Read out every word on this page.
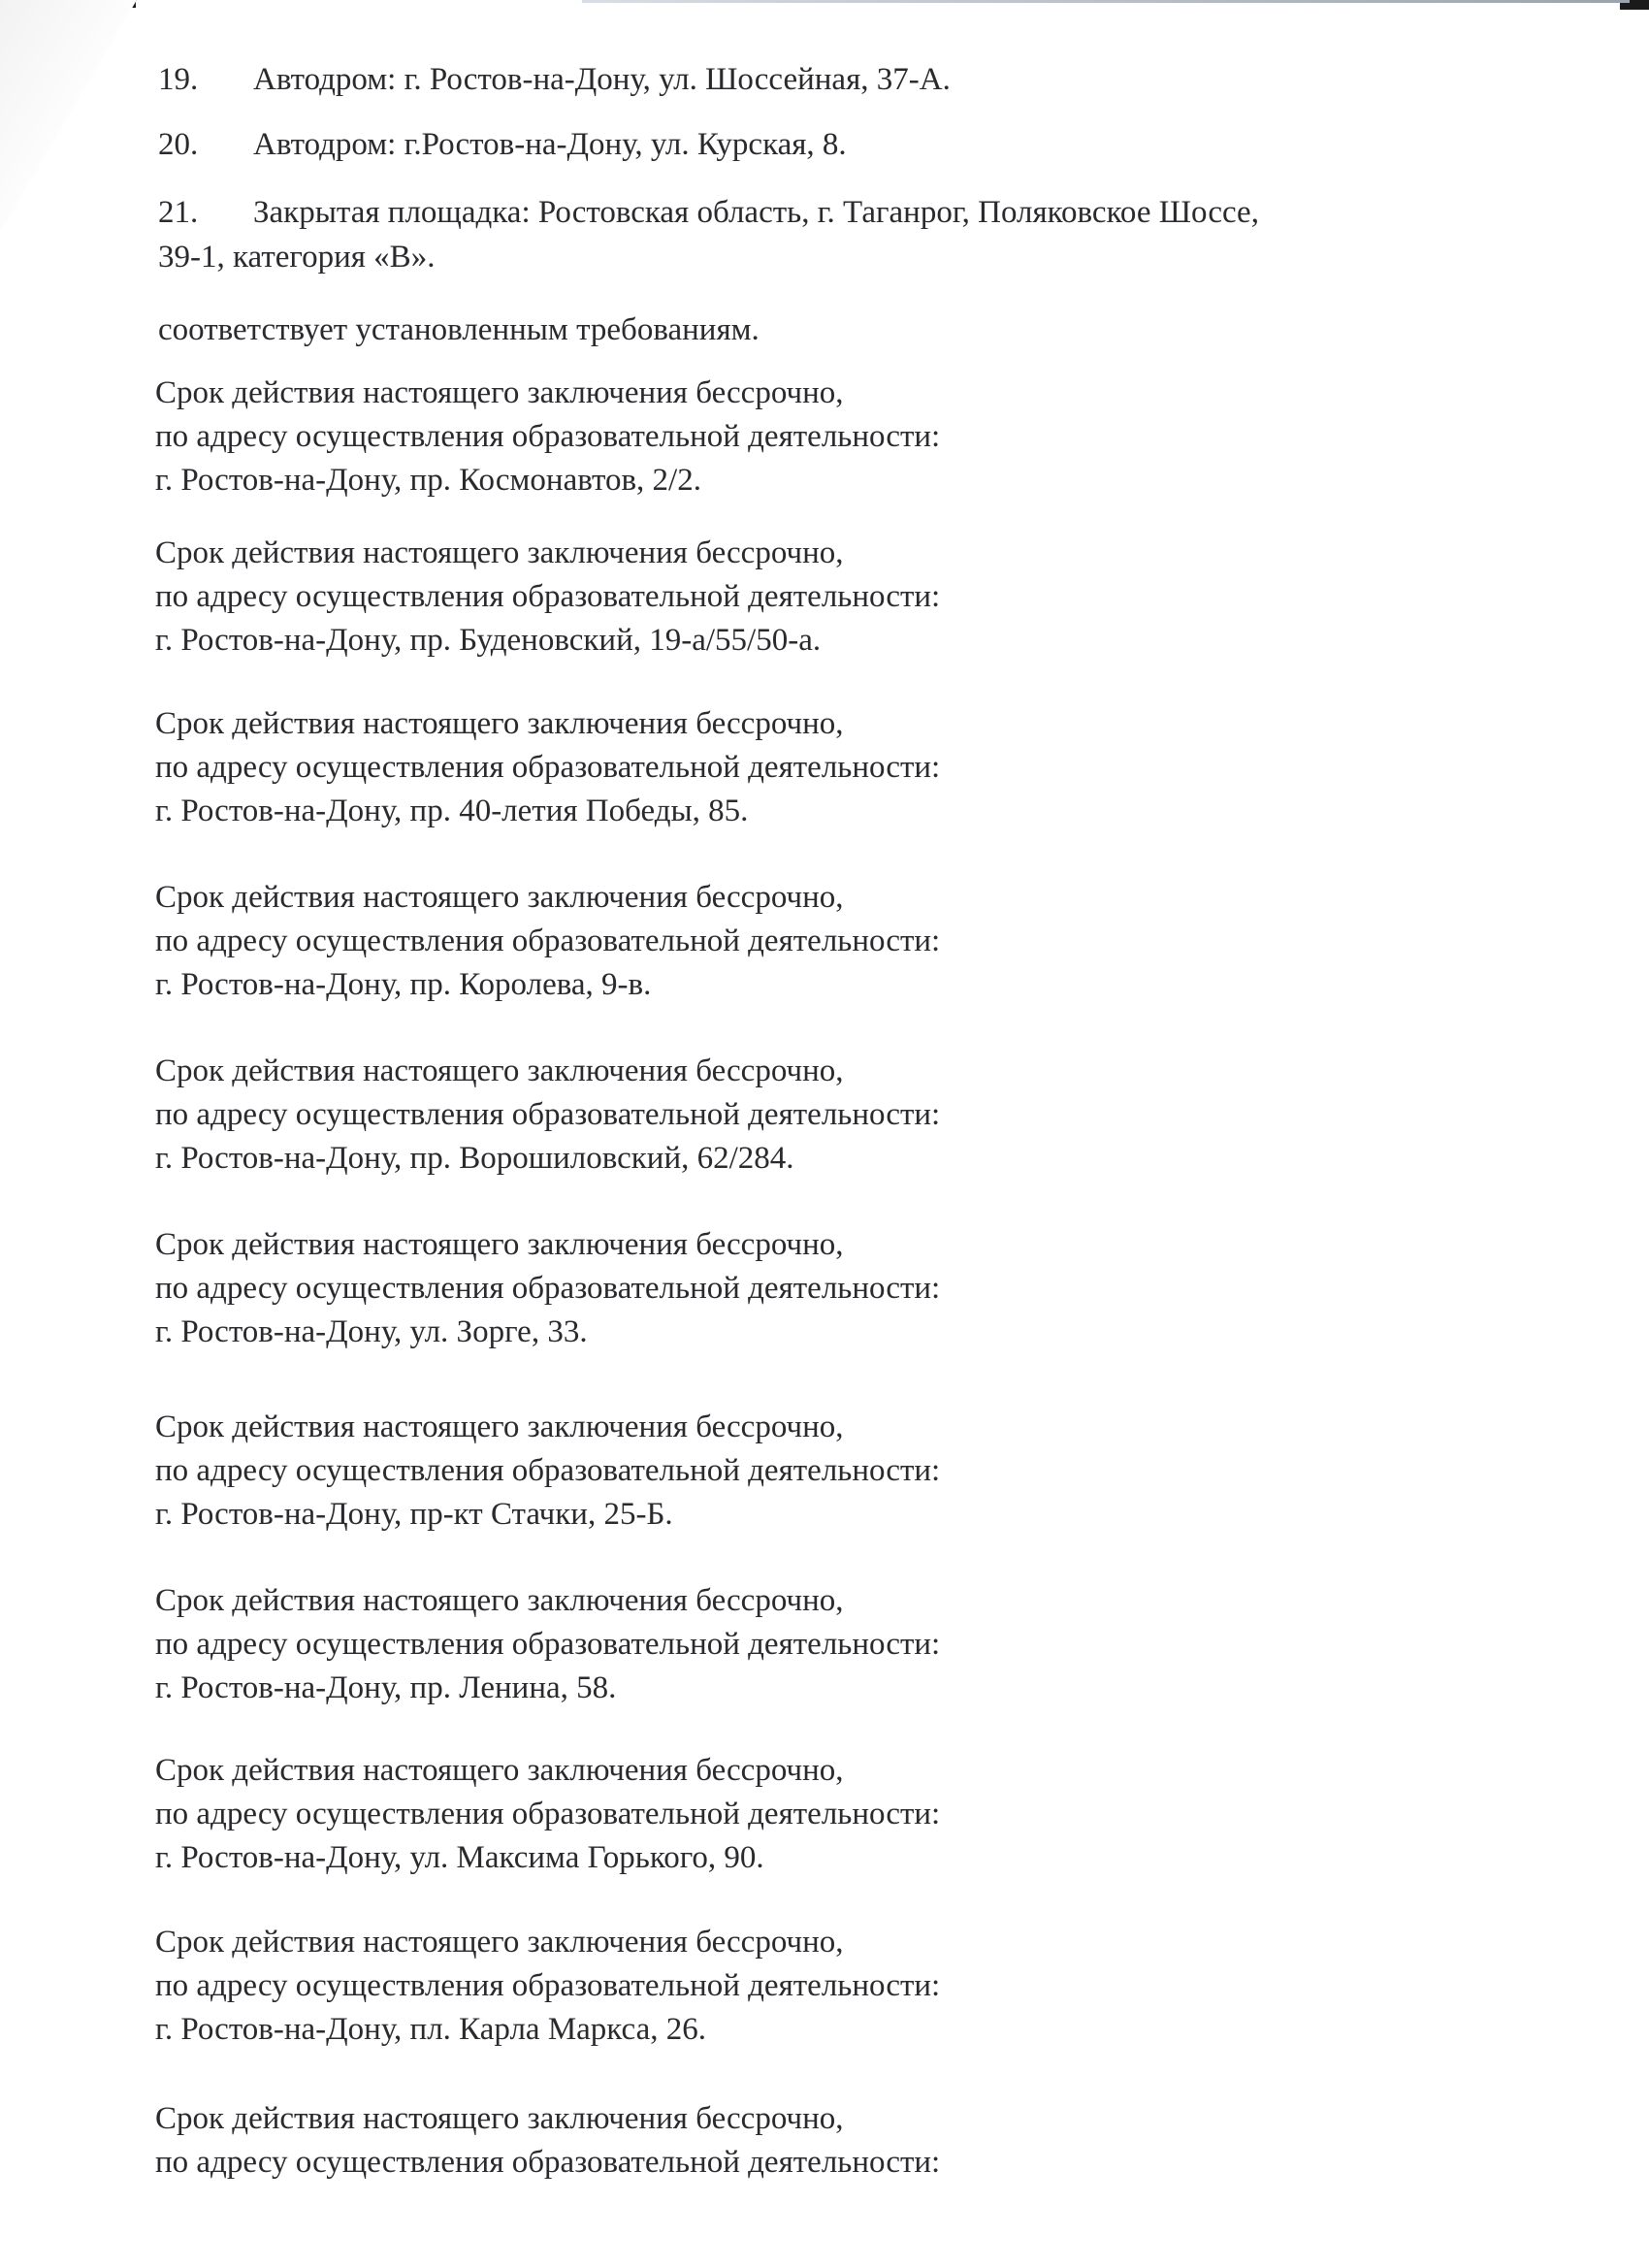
19. Автодром: г. Ростов-на-Дону, ул. Шоссейная, 37-А.
20. Автодром: г.Ростов-на-Дону, ул. Курская, 8.
21. Закрытая площадка: Ростовская область, г. Таганрог, Поляковское Шоссе,
39-1, категория «В».
соответствует установленным требованиям.
Срок действия настоящего заключения бессрочно,
по адресу осуществления образовательной деятельности:
г. Ростов-на-Дону, пр. Космонавтов, 2/2.
Срок действия настоящего заключения бессрочно,
по адресу осуществления образовательной деятельности:
г. Ростов-на-Дону, пр. Буденовский, 19-а/55/50-а.
Срок действия настоящего заключения бессрочно,
по адресу осуществления образовательной деятельности:
г. Ростов-на-Дону, пр. 40-летия Победы, 85.
Срок действия настоящего заключения бессрочно,
по адресу осуществления образовательной деятельности:
г. Ростов-на-Дону, пр. Королева, 9-в.
Срок действия настоящего заключения бессрочно,
по адресу осуществления образовательной деятельности:
г. Ростов-на-Дону, пр. Ворошиловский, 62/284.
Срок действия настоящего заключения бессрочно,
по адресу осуществления образовательной деятельности:
г. Ростов-на-Дону, ул. Зорге, 33.
Срок действия настоящего заключения бессрочно,
по адресу осуществления образовательной деятельности:
г. Ростов-на-Дону, пр-кт Стачки, 25-Б.
Срок действия настоящего заключения бессрочно,
по адресу осуществления образовательной деятельности:
г. Ростов-на-Дону, пр. Ленина, 58.
Срок действия настоящего заключения бессрочно,
по адресу осуществления образовательной деятельности:
г. Ростов-на-Дону, ул. Максима Горького, 90.
Срок действия настоящего заключения бессрочно,
по адресу осуществления образовательной деятельности:
г. Ростов-на-Дону, пл. Карла Маркса, 26.
Срок действия настоящего заключения бессрочно,
по адресу осуществления образовательной деятельности:
